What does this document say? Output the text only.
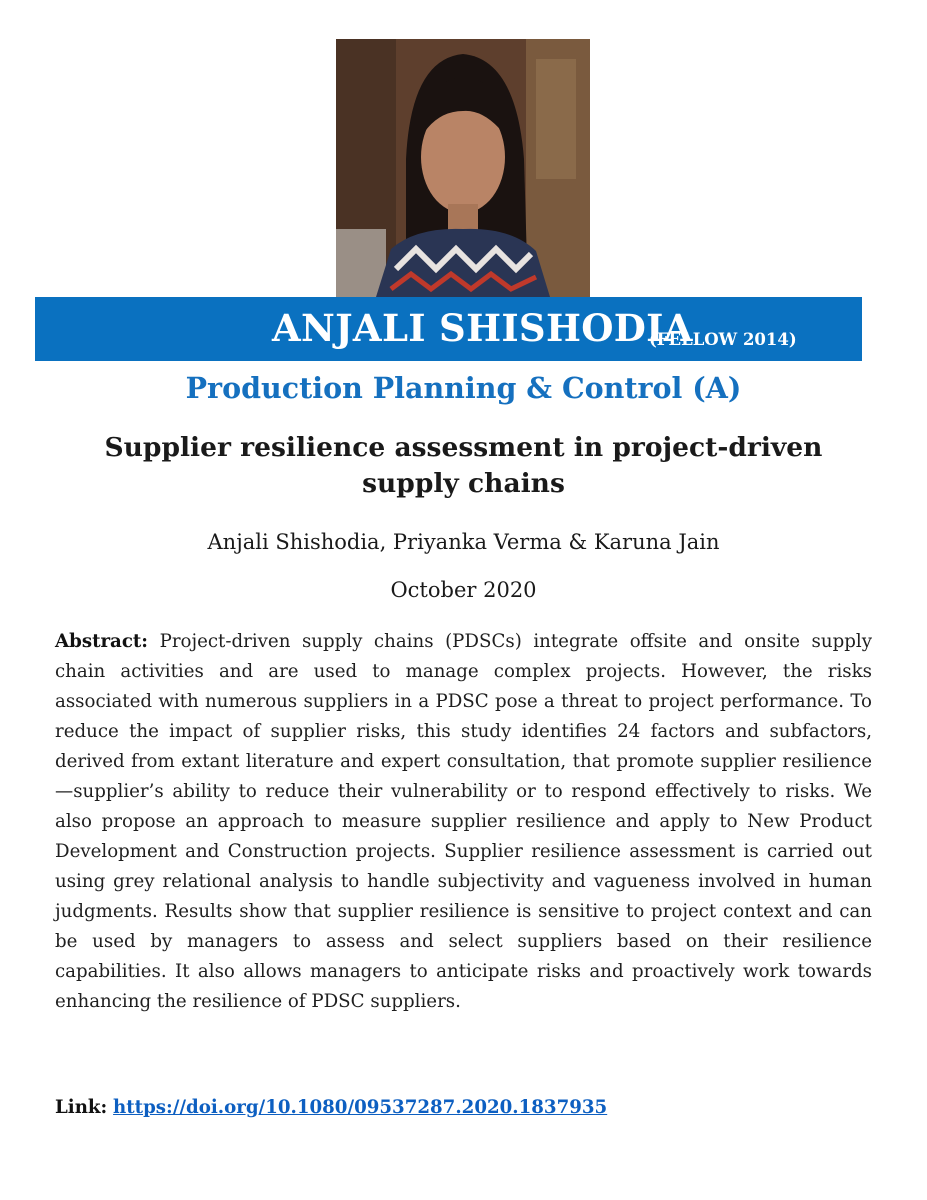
ANJALI SHISHODIA
(FELLOW 2014)
Production Planning & Control (A)
Supplier resilience assessment in project-driven supply chains
Anjali Shishodia, Priyanka Verma & Karuna Jain
October 2020
Abstract: Project-driven supply chains (PDSCs) integrate offsite and onsite supply chain activities and are used to manage complex projects. However, the risks associated with numerous suppliers in a PDSC pose a threat to project performance. To reduce the impact of supplier risks, this study identifies 24 factors and subfactors, derived from extant literature and expert consultation, that promote supplier resilience—supplier’s ability to reduce their vulnerability or to respond effectively to risks. We also propose an approach to measure supplier resilience and apply to New Product Development and Construction projects. Supplier resilience assessment is carried out using grey relational analysis to handle subjectivity and vagueness involved in human judgments. Results show that supplier resilience is sensitive to project context and can be used by managers to assess and select suppliers based on their resilience capabilities. It also allows managers to anticipate risks and proactively work towards enhancing the resilience of PDSC suppliers.
Link: https://doi.org/10.1080/09537287.2020.1837935
